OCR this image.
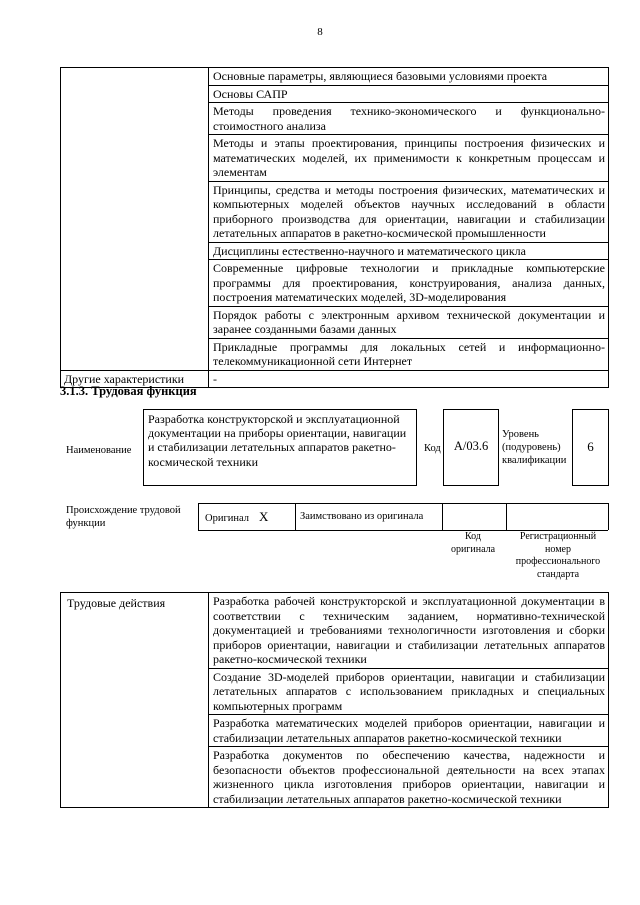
8

	Основные параметры, являющиеся базовыми условиями проекта

	Основы САПР

	Методы проведения технико-экономического и функционально-стоимостного анализа

	Методы и этапы проектирования, принципы построения физических и математических моделей, их применимости к конкретным процессам и элементам

	Принципы, средства и методы построения физических, математических и компьютерных моделей объектов научных исследований в области приборного производства для ориентации, навигации и стабилизации летательных аппаратов в ракетно-космической промышленности

	Дисциплины естественно-научного и математического цикла

	Современные цифровые технологии и прикладные компьютерские программы для проектирования, конструирования, анализа данных, построения математических моделей, 3D-моделирования

	Порядок работы с электронным архивом технической документации и заранее созданными базами данных

	Прикладные программы для локальных сетей и информационно-телекоммуникационной сети Интернет

Другие характеристики	-
3.1.3. Трудовая функция
Наименование
Разработка конструкторской и эксплуатационной документации на приборы ориентации, навигации и стабилизации летательных аппаратов ракетно-космической техники
Код	A/03.6
Уровень (подуровень) квалификации
6
Происхождение трудовой функции	Оригинал X	Заимствовано из оригинала
Код оригинала
Регистрационный номер профессионального стандарта
Трудовые действия	Разработка рабочей конструкторской и эксплуатационной документации в соответствии с техническим заданием, нормативно-технической документацией и требованиями технологичности изготовления и сборки приборов ориентации, навигации и стабилизации летательных аппаратов ракетно-космической техники

Создание 3D-моделей приборов ориентации, навигации и стабилизации летательных аппаратов с использованием прикладных и специальных компьютерных программ

Разработка математических моделей приборов ориентации, навигации и стабилизации летательных аппаратов ракетно-космической техники

Разработка документов по обеспечению качества, надежности и безопасности объектов профессиональной деятельности на всех этапах жизненного цикла изготовления приборов ориентации, навигации и стабилизации летательных аппаратов ракетно-космической техники
